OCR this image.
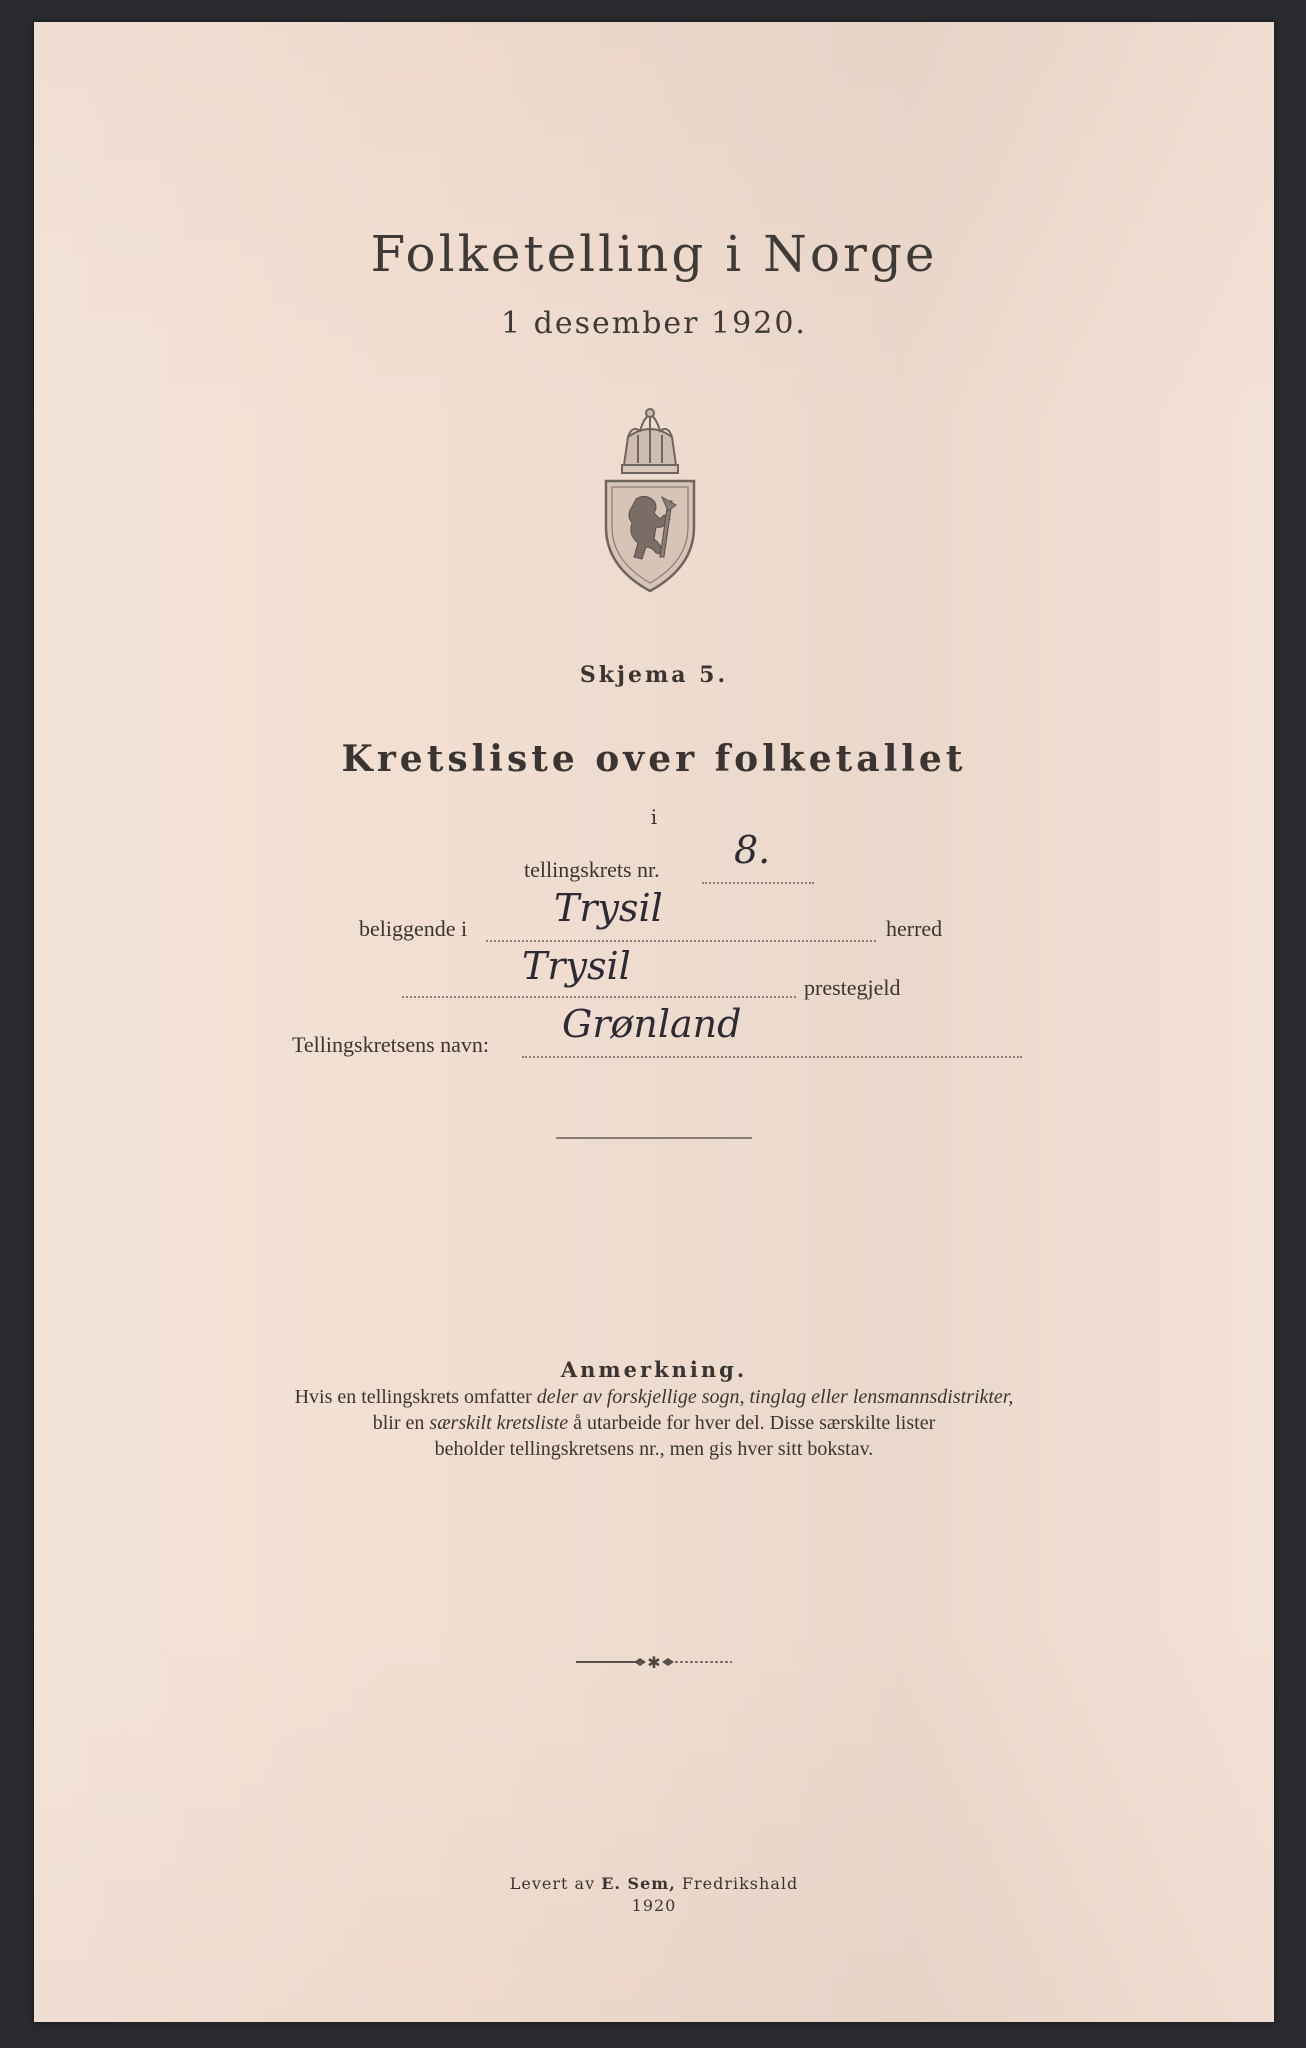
Folketelling i Norge
1 desember 1920.
Skjema 5.
Kretsliste over folketallet
i
tellingskrets nr. 8.
beliggende i Trysil	herred
Trysil	prestegjeld
Tellingskretsens navn: Grønland
Anmerkning.
Hvis en tellingskrets omfatter deler av forskjellige sogn, tinglag eller lensmannsdistrikter,
blir en særskilt kretsliste å utarbeide for hver del. Disse særskilte lister
beholder tellingskretsens nr., men gis hver sitt bokstav.
✱
Levert av E. Sem, Fredrikshald
1920
